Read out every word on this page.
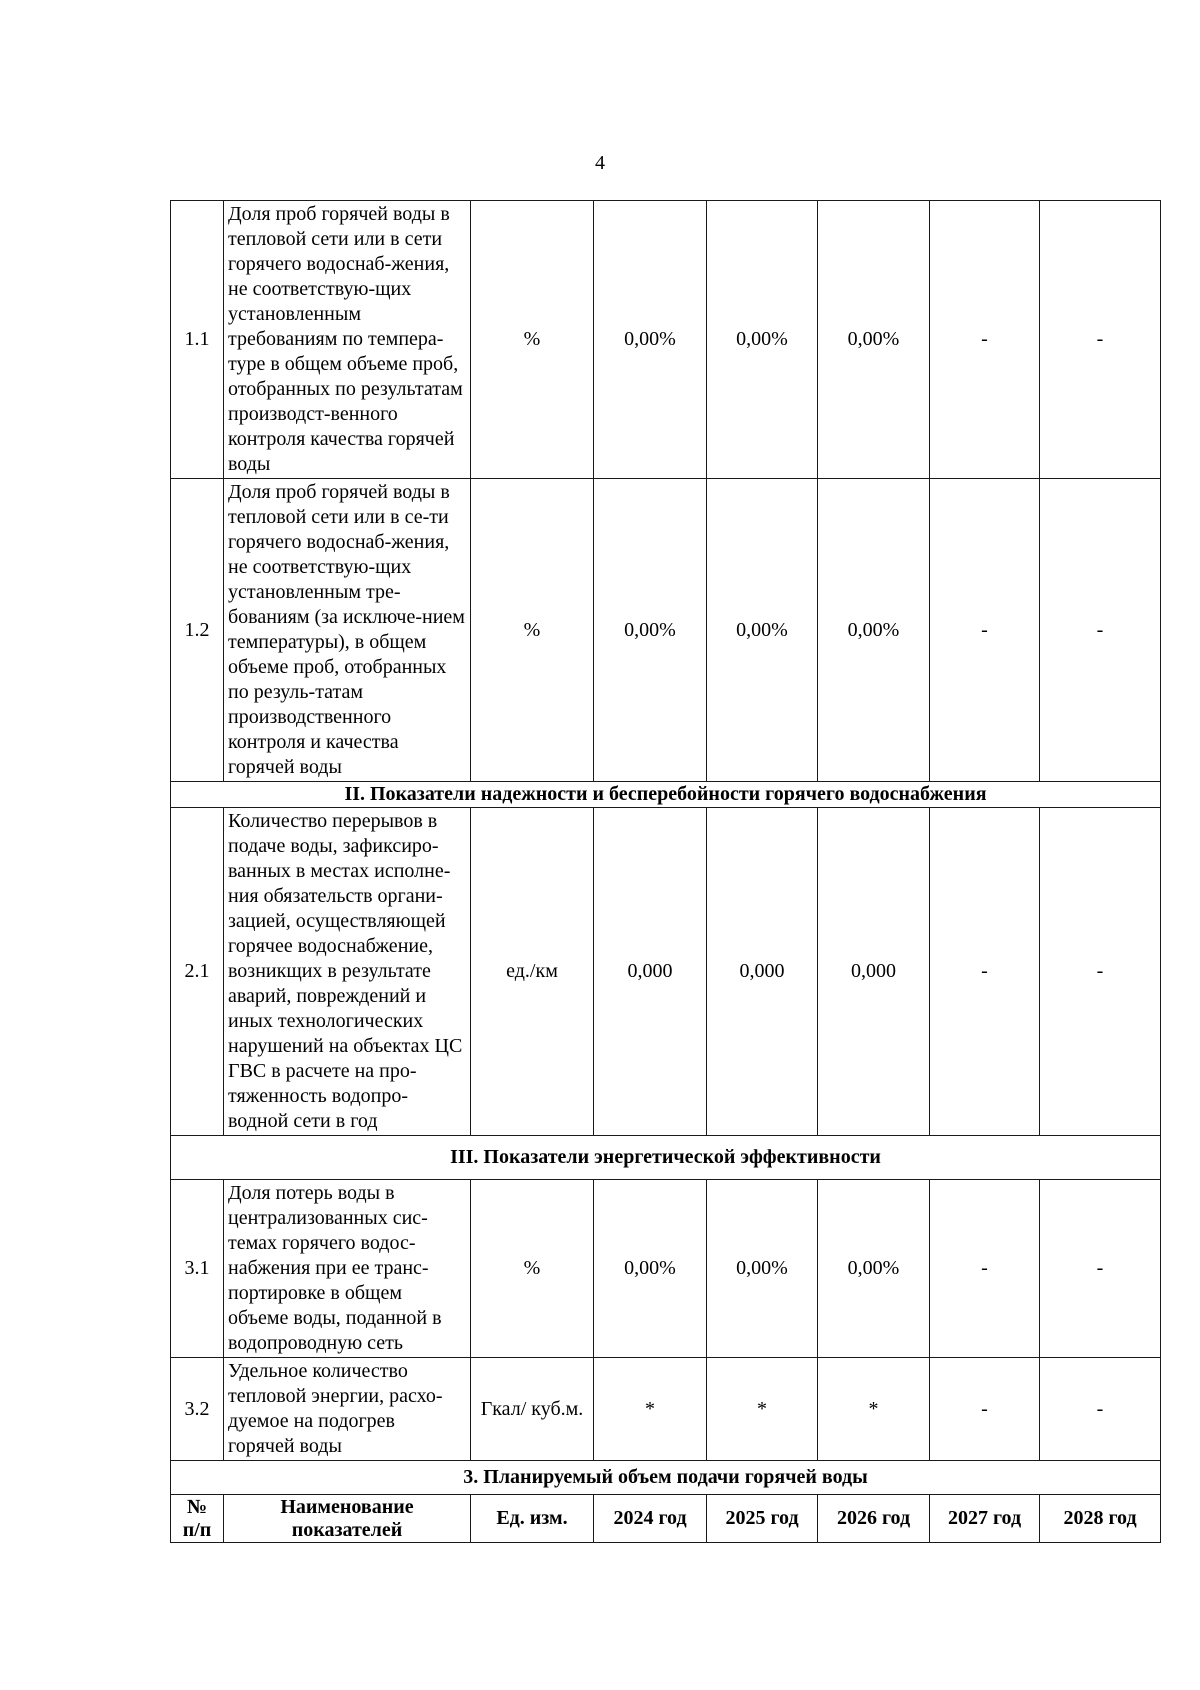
4
1.1	Доля проб горячей воды в тепловой сети или в сети горячего водоснаб-жения, не соответствую-щих установленным требованиям по темпера-туре в общем объеме проб, отобранных по результатам производст-венного контроля качества горячей воды	%	0,00%	0,00%	0,00%	-	-
1.2	Доля проб горячей воды в тепловой сети или в се-ти горячего водоснаб-жения, не соответствую-щих установленным тре-бованиям (за исключе-нием температуры), в общем объеме проб, отобранных по резуль-татам производственного контроля и качества горячей воды	%	0,00%	0,00%	0,00%	-	-
II. Показатели надежности и бесперебойности горячего водоснабжения							
2.1	Количество перерывов в подаче воды, зафиксиро-ванных в местах исполне-ния обязательств органи-зацией, осуществляющей горячее водоснабжение, возникщих в результате аварий, повреждений и иных технологических нарушений на объектах ЦС ГВС в расчете на про-тяженность водопро-водной сети в год	ед./км	0,000	0,000	0,000	-	-
III. Показатели энергетической эффективности							
3.1	Доля потерь воды в централизованных сис-темах горячего водос-набжения при ее транс-портировке в общем объеме воды, поданной в водопроводную сеть	%	0,00%	0,00%	0,00%	-	-
3.2	Удельное количество тепловой энергии, расхо-дуемое на подогрев горячей воды	Гкал/ куб.м.	*	*	*	-	-
3. Планируемый объем подачи горячей воды							
№ п/п	Наименование показателей	Ед. изм.	2024 год	2025 год	2026 год	2027 год	2028 год
